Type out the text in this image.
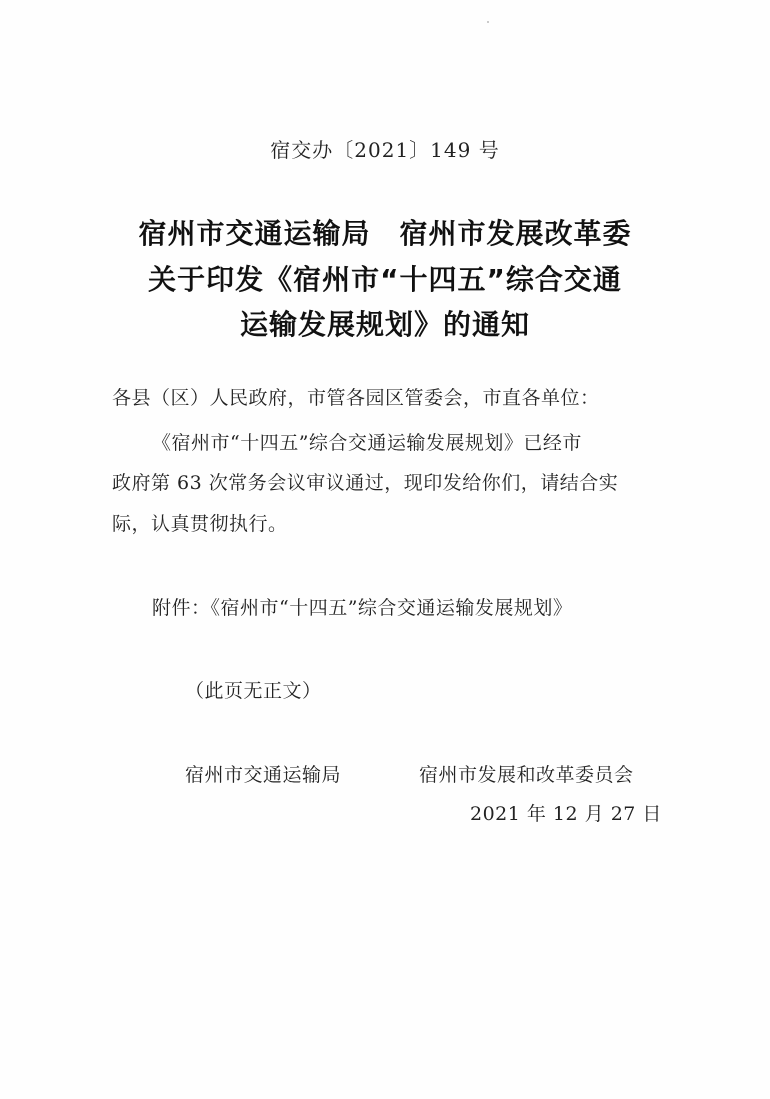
宿交办〔2021〕149 号
宿州市交通运输局　宿州市发展改革委
关于印发《宿州市“十四五”综合交通
运输发展规划》的通知
各县（区）人民政府，市管各园区管委会，市直各单位：
《宿州市“十四五”综合交通运输发展规划》已经市
政府第 63 次常务会议审议通过，现印发给你们，请结合实
际，认真贯彻执行。
附件：《宿州市“十四五”综合交通运输发展规划》
（此页无正文）
宿州市交通运输局	宿州市发展和改革委员会
2021 年 12 月 27 日
